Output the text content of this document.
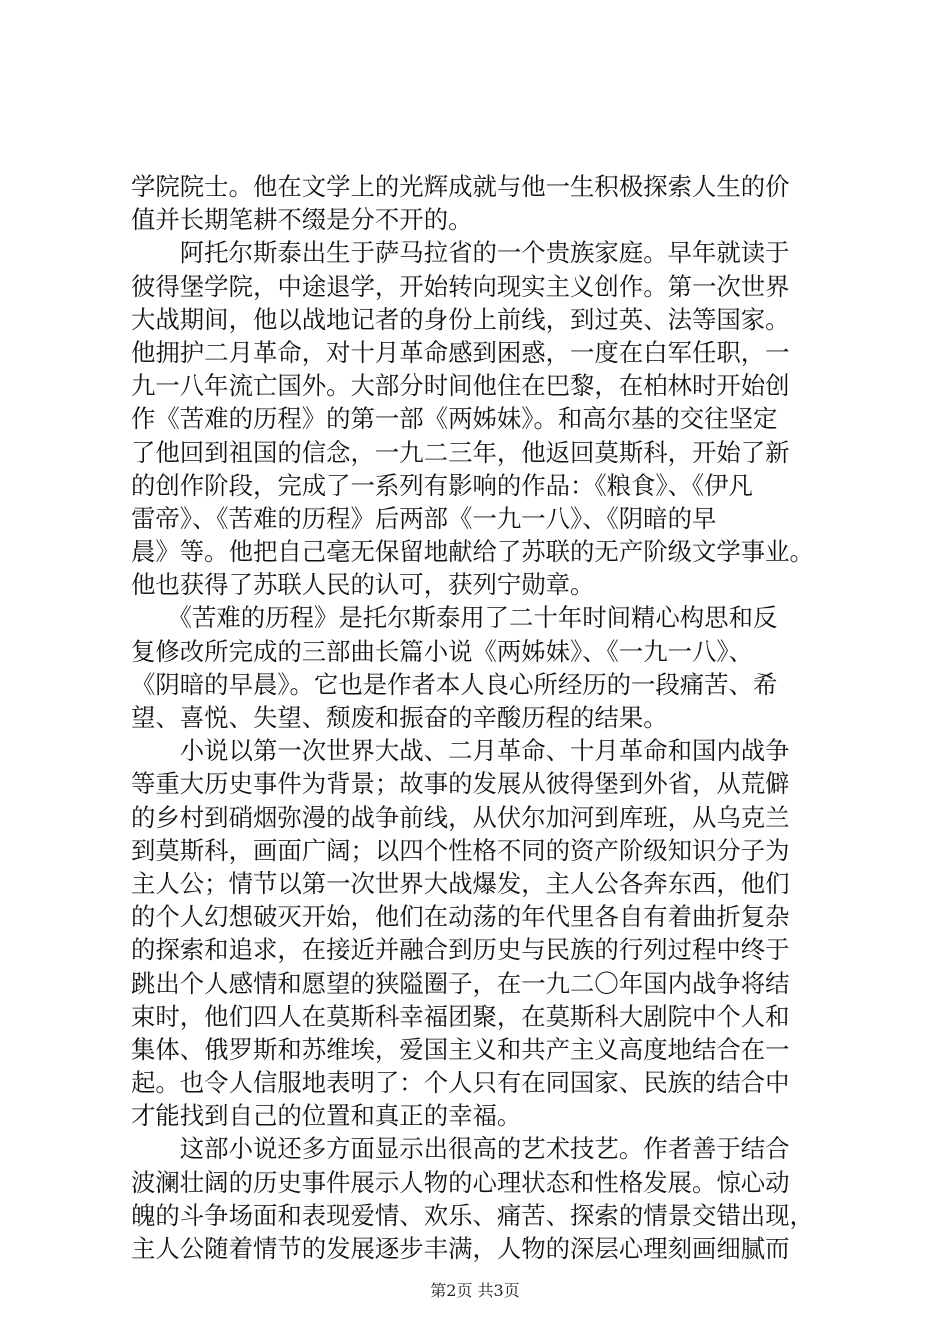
学院院士。他在文学上的光辉成就与他一生积极探索人生的价
值并长期笔耕不缀是分不开的。
　　阿托尔斯泰出生于萨马拉省的一个贵族家庭。早年就读于
彼得堡学院，中途退学，开始转向现实主义创作。第一次世界
大战期间，他以战地记者的身份上前线，到过英、法等国家。
他拥护二月革命，对十月革命感到困惑，一度在白军任职，一
九一八年流亡国外。大部分时间他住在巴黎，在柏林时开始创
作《苦难的历程》的第一部《两姊妹》。和高尔基的交往坚定
了他回到祖国的信念，一九二三年，他返回莫斯科，开始了新
的创作阶段，完成了一系列有影响的作品：《粮食》、《伊凡
雷帝》、《苦难的历程》后两部《一九一八》、《阴暗的早
晨》等。他把自己毫无保留地献给了苏联的无产阶级文学事业。
他也获得了苏联人民的认可，获列宁勋章。
　　《苦难的历程》是托尔斯泰用了二十年时间精心构思和反
复修改所完成的三部曲长篇小说《两姊妹》、《一九一八》、
《阴暗的早晨》。它也是作者本人良心所经历的一段痛苦、希
望、喜悦、失望、颓废和振奋的辛酸历程的结果。
　　小说以第一次世界大战、二月革命、十月革命和国内战争
等重大历史事件为背景；故事的发展从彼得堡到外省，从荒僻
的乡村到硝烟弥漫的战争前线，从伏尔加河到库班，从乌克兰
到莫斯科，画面广阔；以四个性格不同的资产阶级知识分子为
主人公；情节以第一次世界大战爆发，主人公各奔东西，他们
的个人幻想破灭开始，他们在动荡的年代里各自有着曲折复杂
的探索和追求，在接近并融合到历史与民族的行列过程中终于
跳出个人感情和愿望的狭隘圈子，在一九二〇年国内战争将结
束时，他们四人在莫斯科幸福团聚，在莫斯科大剧院中个人和
集体、俄罗斯和苏维埃，爱国主义和共产主义高度地结合在一
起。也令人信服地表明了：个人只有在同国家、民族的结合中
才能找到自己的位置和真正的幸福。
　　这部小说还多方面显示出很高的艺术技艺。作者善于结合
波澜壮阔的历史事件展示人物的心理状态和性格发展。惊心动
魄的斗争场面和表现爱情、欢乐、痛苦、探索的情景交错出现，
主人公随着情节的发展逐步丰满，人物的深层心理刻画细腻而
第2页 共3页
